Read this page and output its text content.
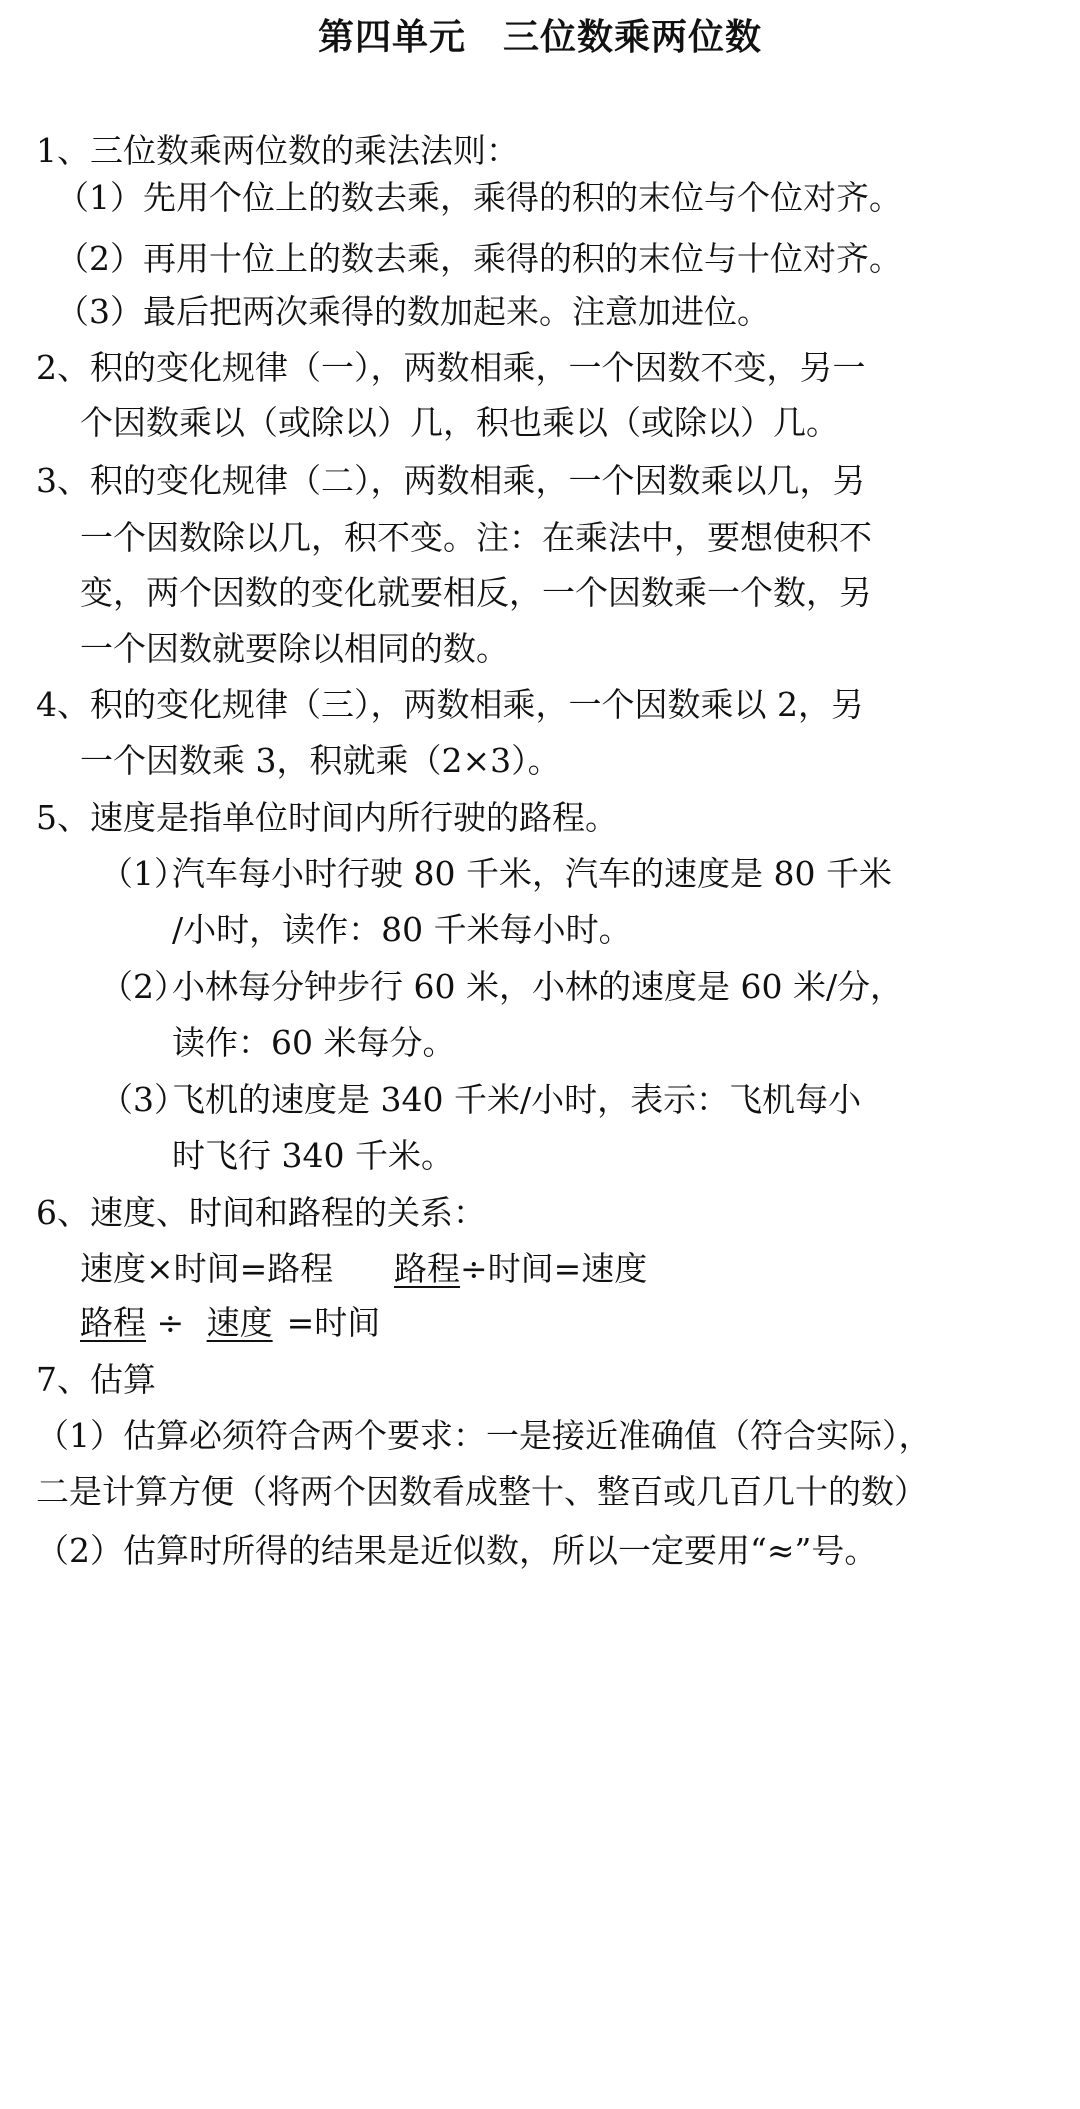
第四单元　三位数乘两位数
1、三位数乘两位数的乘法法则：
（1）先用个位上的数去乘，乘得的积的末位与个位对齐。
（2）再用十位上的数去乘，乘得的积的末位与十位对齐。
（3）最后把两次乘得的数加起来。注意加进位。
2、积的变化规律（一），两数相乘，一个因数不变，另一
个因数乘以（或除以）几，积也乘以（或除以）几。
3、积的变化规律（二），两数相乘，一个因数乘以几，另
一个因数除以几，积不变。注：在乘法中，要想使积不
变，两个因数的变化就要相反，一个因数乘一个数，另
一个因数就要除以相同的数。
4、积的变化规律（三），两数相乘，一个因数乘以 2，另
一个因数乘 3，积就乘（2×3）。
5、速度是指单位时间内所行驶的路程。
（1）
汽车每小时行驶 80 千米，汽车的速度是 80 千米
/小时，读作：80 千米每小时。
（2）
小林每分钟步行 60 米，小林的速度是 60 米/分，
读作：60 米每分。
（3）
飞机的速度是 340 千米/小时，表示：飞机每小
时飞行 340 千米。
6、速度、时间和路程的关系：
速度×时间=路程	路程÷时间=速度
路程 ÷ 速度 =时间
7、估算
（1）估算必须符合两个要求：一是接近准确值（符合实际），
二是计算方便（将两个因数看成整十、整百或几百几十的数）
（2）估算时所得的结果是近似数，所以一定要用“≈”号。
